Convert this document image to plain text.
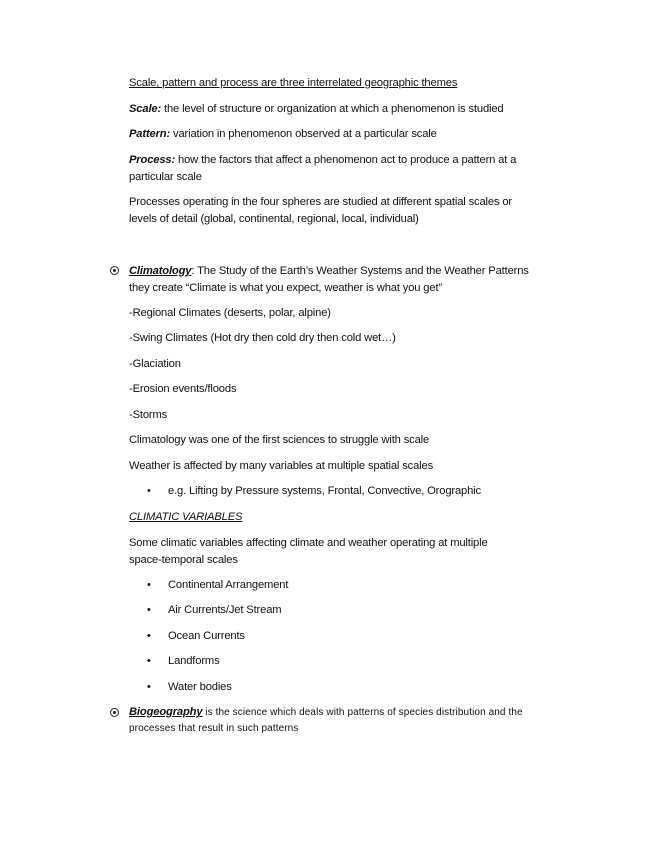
Scale, pattern and process are three interrelated geographic themes
Scale: the level of structure or organization at which a phenomenon is studied
Pattern: variation in phenomenon observed at a particular scale
Process: how the factors that affect a phenomenon act to produce a pattern at a
particular scale
Processes operating in the four spheres are studied at different spatial scales or
levels of detail (global, continental, regional, local, individual)
Climatology: The Study of the Earth’s Weather Systems and the Weather Patterns
they create “Climate is what you expect, weather is what you get”
-Regional Climates (deserts, polar, alpine)
-Swing Climates (Hot dry then cold dry then cold wet…)
-Glaciation
-Erosion events/floods
-Storms
Climatology was one of the first sciences to struggle with scale
Weather is affected by many variables at multiple spatial scales
• e.g. Lifting by Pressure systems, Frontal, Convective, Orographic
CLIMATIC VARIABLES
Some climatic variables affecting climate and weather operating at multiple
space-temporal scales
• Continental Arrangement
• Air Currents/Jet Stream
• Ocean Currents
• Landforms
• Water bodies
Biogeography is the science which deals with patterns of species distribution and the
processes that result in such patterns
